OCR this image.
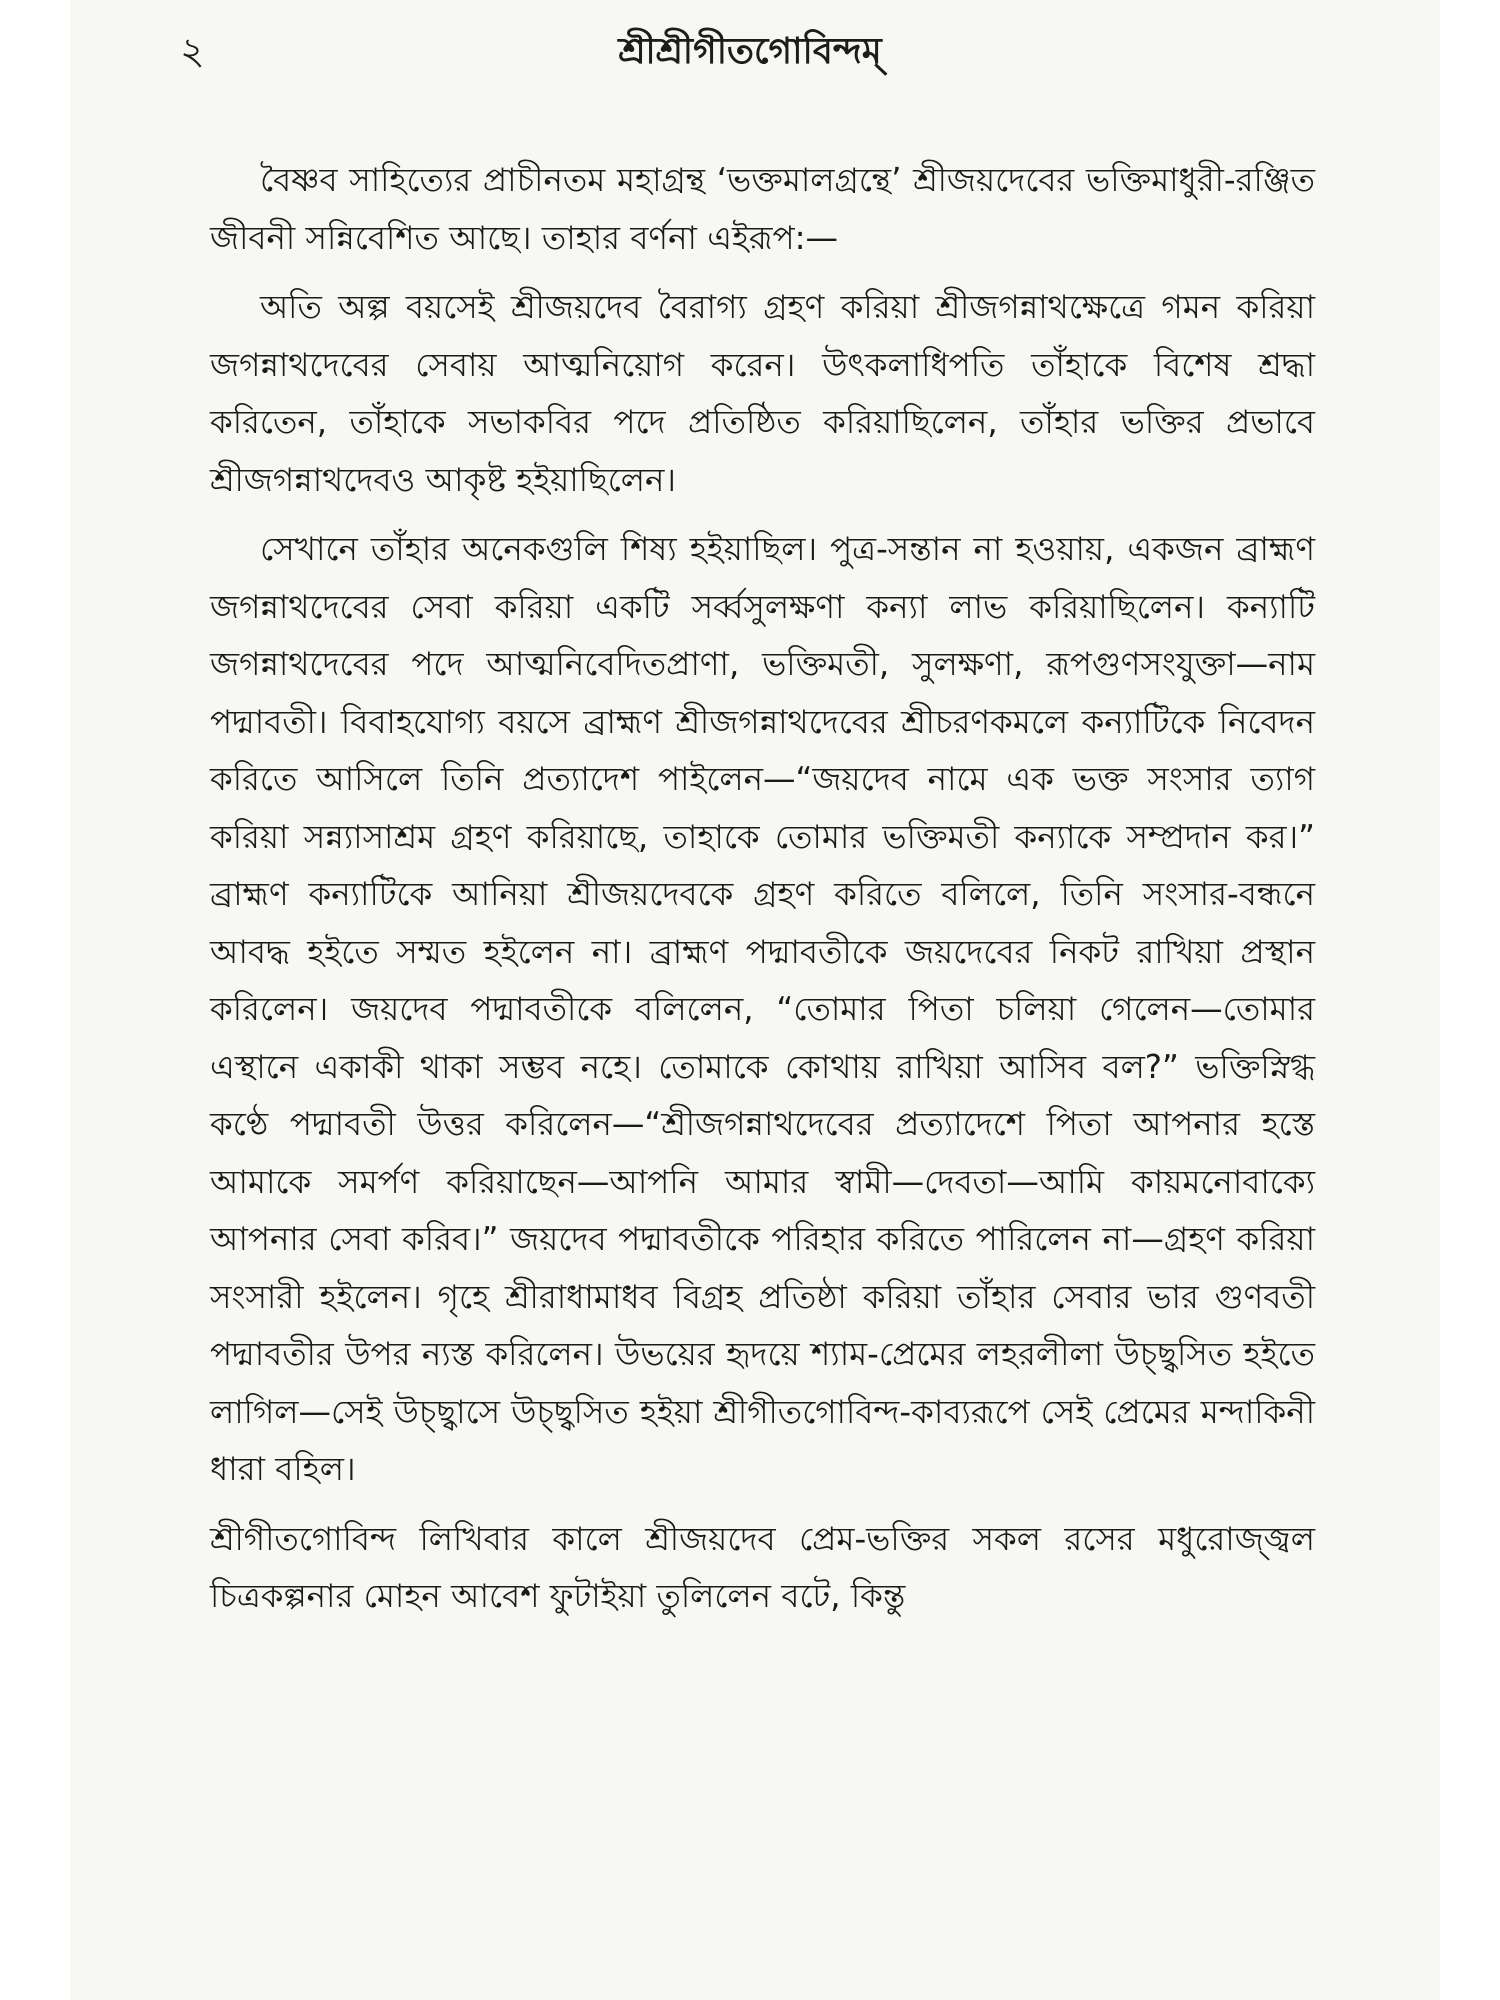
২	শ্রীশ্রীগীতগোবিন্দম্

বৈষ্ণব সাহিত্যের প্রাচীনতম মহাগ্রন্থ ‘ভক্তমালগ্রন্থে’ শ্রীজয়দেবের ভক্তিমাধুরী-রঞ্জিত জীবনী সন্নিবেশিত আছে। তাহার বর্ণনা এইরূপ:—

অতি অল্প বয়সেই শ্রীজয়দেব বৈরাগ্য গ্রহণ করিয়া শ্রীজগন্নাথক্ষেত্রে গমন করিয়া জগন্নাথদেবের সেবায় আত্মনিয়োগ করেন। উৎকলাধিপতি তাঁহাকে বিশেষ শ্রদ্ধা করিতেন, তাঁহাকে সভাকবির পদে প্রতিষ্ঠিত করিয়াছিলেন, তাঁহার ভক্তির প্রভাবে শ্রীজগন্নাথদেবও আকৃষ্ট হইয়াছিলেন।

সেখানে তাঁহার অনেকগুলি শিষ্য হইয়াছিল। পুত্র-সন্তান না হওয়ায়, একজন ব্রাহ্মণ জগন্নাথদেবের সেবা করিয়া একটি সর্ব্বসুলক্ষণা কন্যা লাভ করিয়াছিলেন। কন্যাটি জগন্নাথদেবের পদে আত্মনিবেদিতপ্রাণা, ভক্তিমতী, সুলক্ষণা, রূপগুণসংযুক্তা—নাম পদ্মাবতী। বিবাহযোগ্য বয়সে ব্রাহ্মণ শ্রীজগন্নাথদেবের শ্রীচরণকমলে কন্যাটিকে নিবেদন করিতে আসিলে তিনি প্রত্যাদেশ পাইলেন—“জয়দেব নামে এক ভক্ত সংসার ত্যাগ করিয়া সন্ন্যাসাশ্রম গ্রহণ করিয়াছে, তাহাকে তোমার ভক্তিমতী কন্যাকে সম্প্রদান কর।” ব্রাহ্মণ কন্যাটিকে আনিয়া শ্রীজয়দেবকে গ্রহণ করিতে বলিলে, তিনি সংসার-বন্ধনে আবদ্ধ হইতে সম্মত হইলেন না। ব্রাহ্মণ পদ্মাবতীকে জয়দেবের নিকট রাখিয়া প্রস্থান করিলেন। জয়দেব পদ্মাবতীকে বলিলেন, “তোমার পিতা চলিয়া গেলেন—তোমার এস্থানে একাকী থাকা সম্ভব নহে। তোমাকে কোথায় রাখিয়া আসিব বল?” ভক্তিস্নিগ্ধ কণ্ঠে পদ্মাবতী উত্তর করিলেন—“শ্রীজগন্নাথদেবের প্রত্যাদেশে পিতা আপনার হস্তে আমাকে সমর্পণ করিয়াছেন—আপনি আমার স্বামী—দেবতা—আমি কায়মনোবাক্যে আপনার সেবা করিব।” জয়দেব পদ্মাবতীকে পরিহার করিতে পারিলেন না—গ্রহণ করিয়া সংসারী হইলেন। গৃহে শ্রীরাধামাধব বিগ্রহ প্রতিষ্ঠা করিয়া তাঁহার সেবার ভার গুণবতী পদ্মাবতীর উপর ন্যস্ত করিলেন। উভয়ের হৃদয়ে শ্যাম-প্রেমের লহরলীলা উচ্ছ্বসিত হইতে লাগিল—সেই উচ্ছ্বাসে উচ্ছ্বসিত হইয়া শ্রীগীতগোবিন্দ-কাব্যরূপে সেই প্রেমের মন্দাকিনী ধারা বহিল।

শ্রীগীতগোবিন্দ লিখিবার কালে শ্রীজয়দেব প্রেম-ভক্তির সকল রসের মধুরোজ্জ্বল চিত্রকল্পনার মোহন আবেশ ফুটাইয়া তুলিলেন বটে, কিন্তু
